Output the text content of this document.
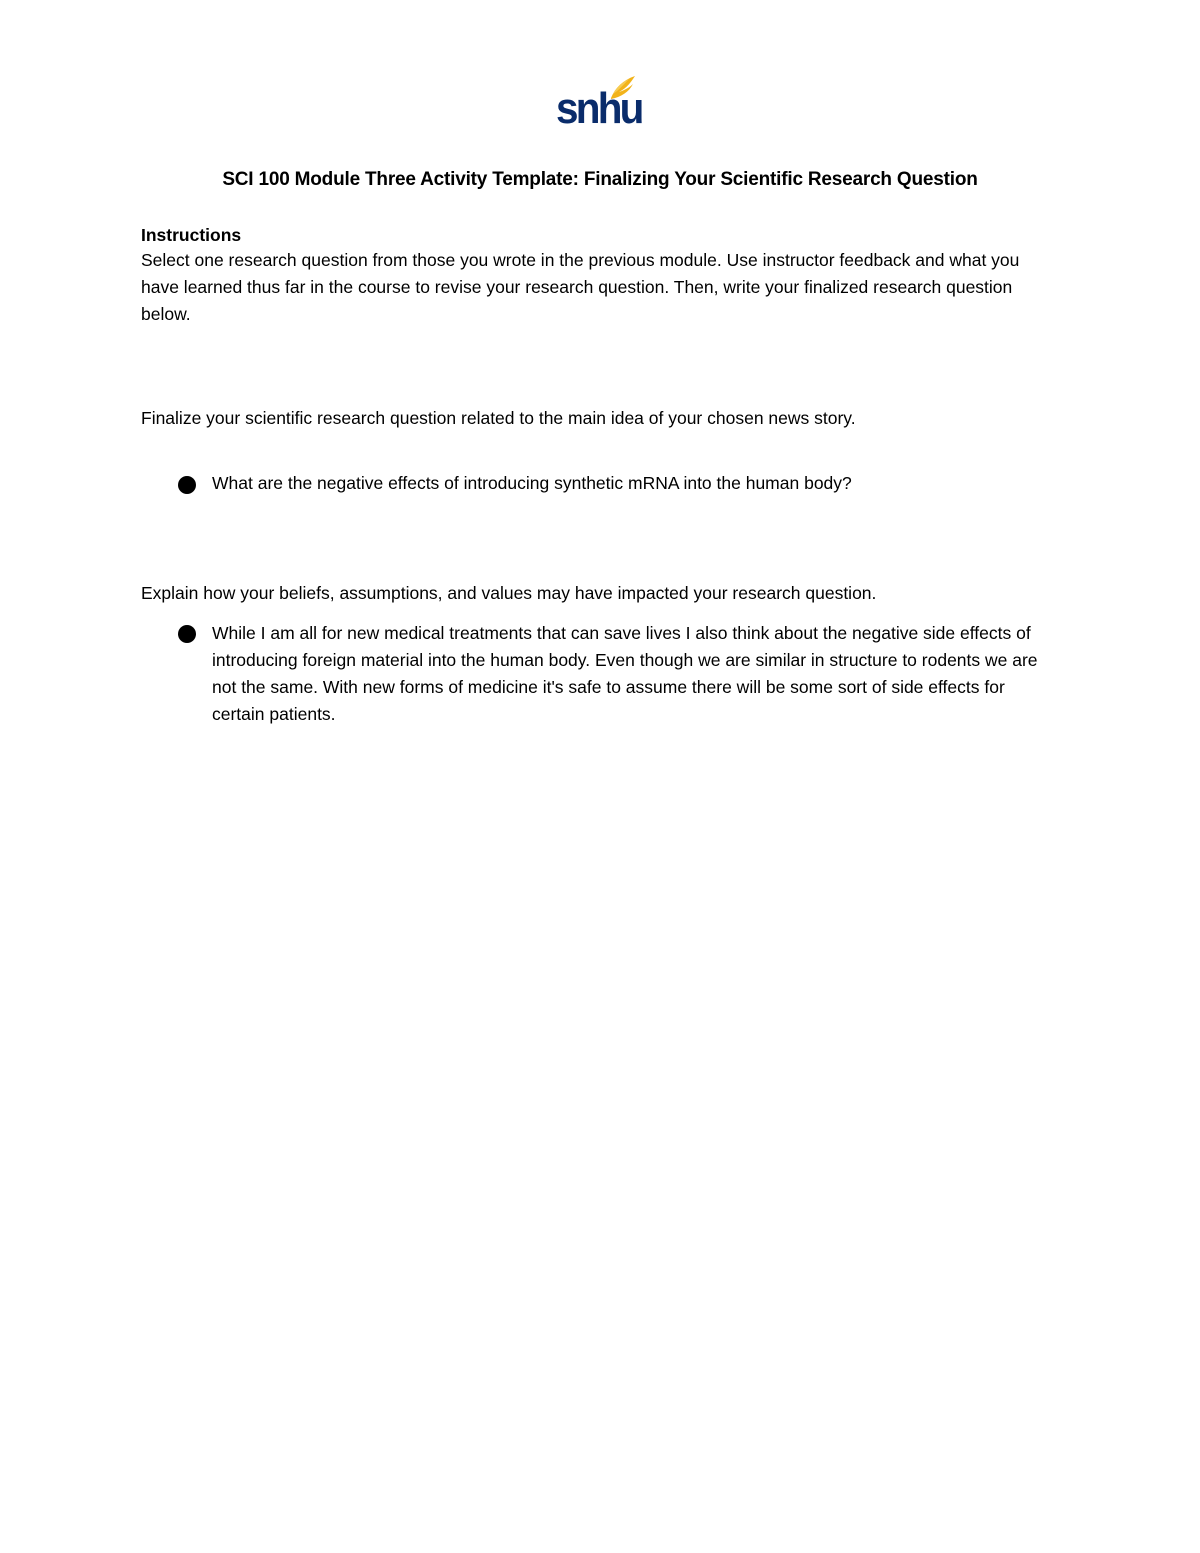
snhu
SCI 100 Module Three Activity Template: Finalizing Your Scientific Research Question
Instructions
Select one research question from those you wrote in the previous module. Use instructor feedback and what you have learned thus far in the course to revise your research question. Then, write your finalized research question below.
Finalize your scientific research question related to the main idea of your chosen news story.
What are the negative effects of introducing synthetic mRNA into the human body?
Explain how your beliefs, assumptions, and values may have impacted your research question.
While I am all for new medical treatments that can save lives I also think about the negative side effects of introducing foreign material into the human body. Even though we are similar in structure to rodents we are not the same. With new forms of medicine it's safe to assume there will be some sort of side effects for certain patients.
